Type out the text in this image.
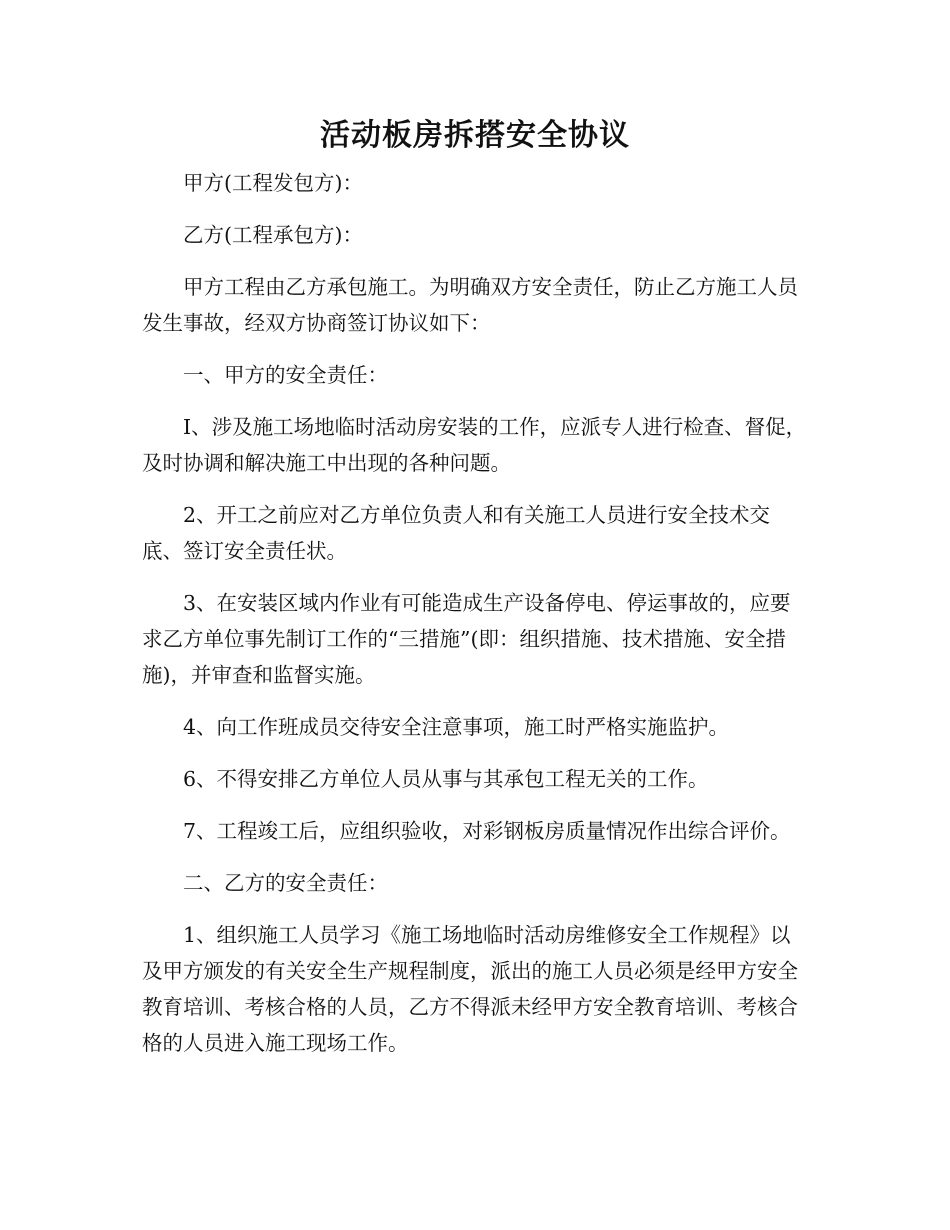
活动板房拆搭安全协议

甲方(工程发包方)：

乙方(工程承包方)：

甲方工程由乙方承包施工。为明确双方安全责任，防止乙方施工人员发生事故，经双方协商签订协议如下：

一、甲方的安全责任：

I、涉及施工场地临时活动房安装的工作，应派专人进行检查、督促，及时协调和解决施工中出现的各种问题。

2、开工之前应对乙方单位负责人和有关施工人员进行安全技术交底、签订安全责任状。

3、在安装区域内作业有可能造成生产设备停电、停运事故的，应要求乙方单位事先制订工作的“三措施”(即：组织措施、技术措施、安全措施)，并审查和监督实施。

4、向工作班成员交待安全注意事项，施工时严格实施监护。

6、不得安排乙方单位人员从事与其承包工程无关的工作。

7、工程竣工后，应组织验收，对彩钢板房质量情况作出综合评价。

二、乙方的安全责任：

1、组织施工人员学习《施工场地临时活动房维修安全工作规程》以及甲方颁发的有关安全生产规程制度，派出的施工人员必须是经甲方安全教育培训、考核合格的人员，乙方不得派未经甲方安全教育培训、考核合格的人员进入施工现场工作。
